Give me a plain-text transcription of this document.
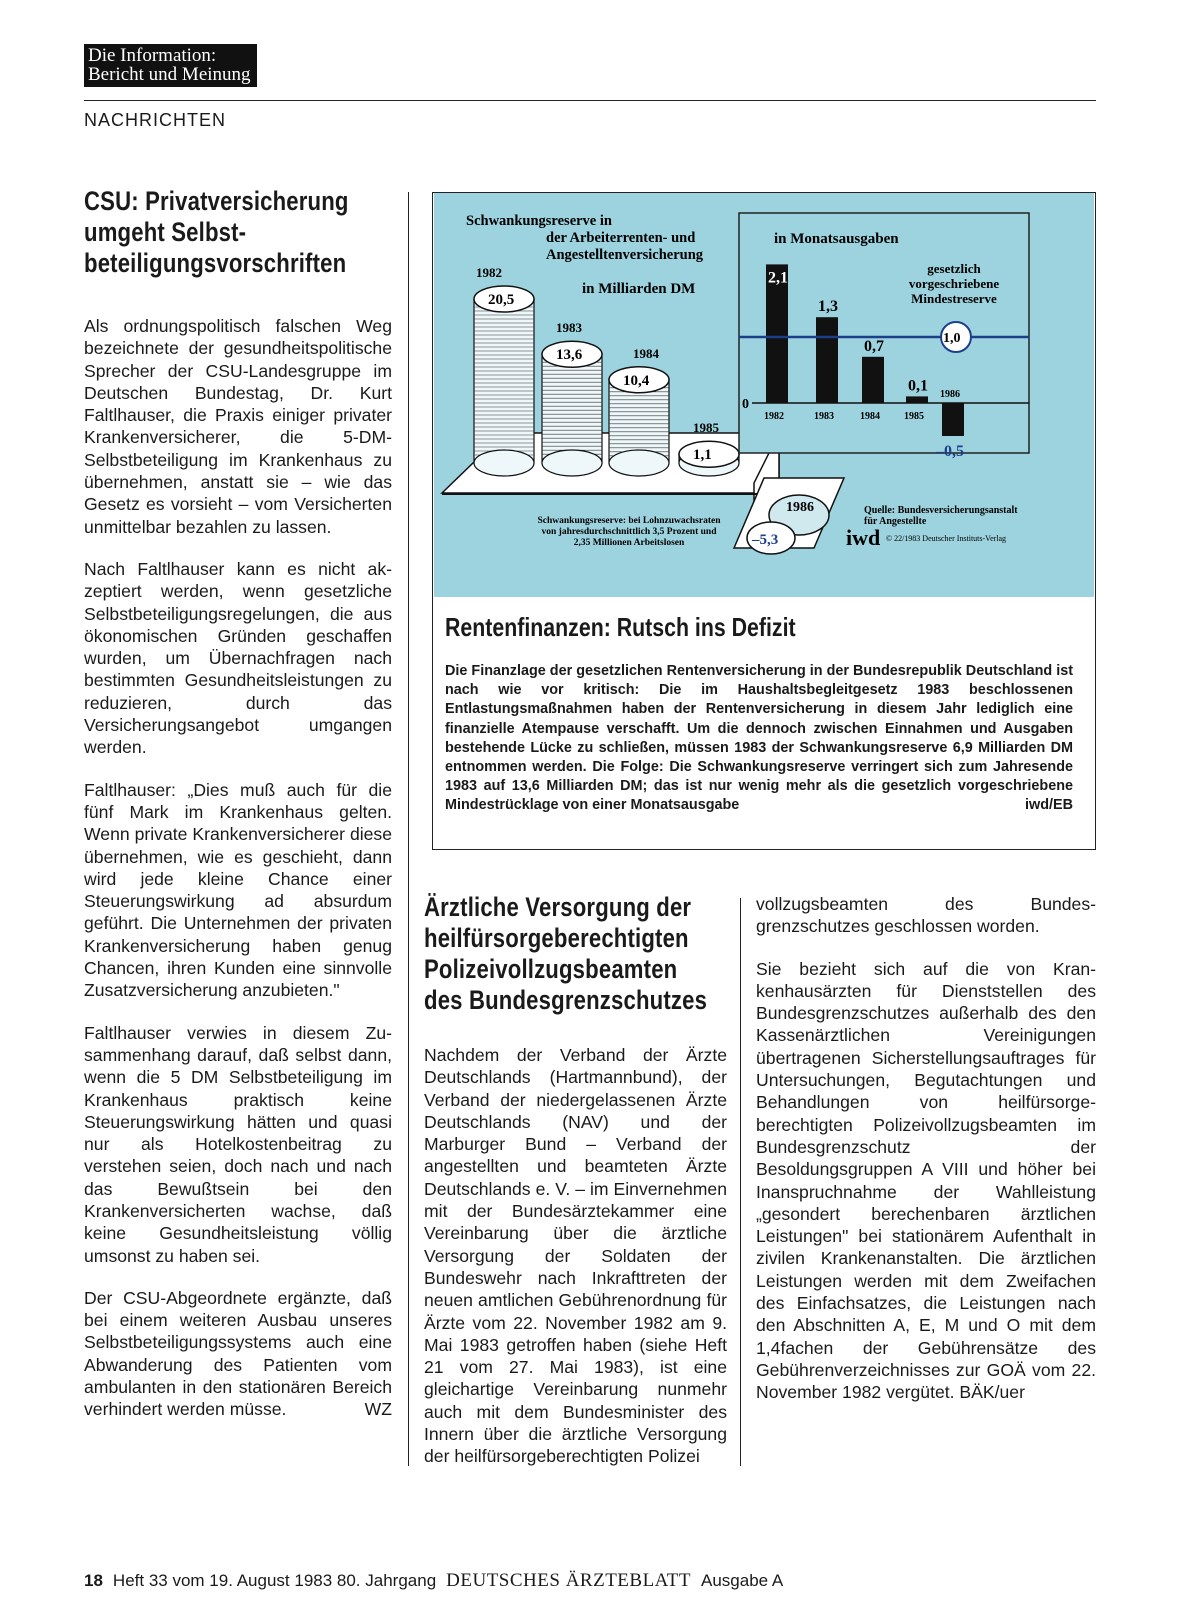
Die Information:
Bericht und Meinung
NACHRICHTEN
CSU: Privatversicherung
umgeht Selbst-
beteiligungsvorschriften

Als ordnungspolitisch falschen Weg bezeichnete der gesundheitspolitische Sprecher der CSU-Landesgruppe im Deutschen Bundestag, Dr. Kurt Faltlhauser, die Praxis einiger privater Krankenversicherer, die 5-DM-Selbstbeteiligung im Krankenhaus zu übernehmen, anstatt sie – wie das Gesetz es vorsieht – vom Versicherten unmittelbar bezahlen zu lassen.

Nach Faltlhauser kann es nicht akzeptiert werden, wenn gesetzliche Selbstbeteiligungsregelungen, die aus ökonomischen Gründen geschaffen wurden, um Übernachfragen nach bestimmten Gesundheitsleistungen zu reduzieren, durch das Versicherungsangebot umgangen werden.

Faltlhauser: „Dies muß auch für die fünf Mark im Krankenhaus gelten. Wenn private Krankenversicherer diese übernehmen, wie es geschieht, dann wird jede kleine Chance einer Steuerungswirkung ad absurdum geführt. Die Unternehmen der privaten Krankenversicherung haben genug Chancen, ihren Kunden eine sinnvolle Zusatzversicherung anzubieten."

Faltlhauser verwies in diesem Zusammenhang darauf, daß selbst dann, wenn die 5 DM Selbstbeteiligung im Krankenhaus praktisch keine Steuerungswirkung hätten und quasi nur als Hotelkostenbeitrag zu verstehen seien, doch nach und nach das Bewußtsein bei den Krankenversicherten wachse, daß keine Gesundheitsleistung völlig umsonst zu haben sei.

Der CSU-Abgeordnete ergänzte, daß bei einem weiteren Ausbau unseres Selbstbeteiligungssystems auch eine Abwanderung des Patienten vom ambulanten in den stationären Bereich verhindert werden müsse.	WZ

1982
20,5
1983
13,6	1984
10,4
1985
1,1
Schwankungsreserve in
der Arbeiterrenten- und
Angestelltenversicherung
in Milliarden DM
Schwankungsreserve: bei Lohnzuwachsraten
von jahresdurchschnittlich 3,5 Prozent und
2,35 Millionen Arbeitslosen
in Monatsausgaben
0
1982
2,1
1983
1,3
1984
0,7
1985
0,1
1986
–0,5
1,0
gesetzlich
vorgeschriebene
Mindestreserve
1986
–5,3
Quelle: Bundesversicherungsanstalt
für Angestellte
iwd © 22/1983 Deutscher Instituts-Verlag
Rentenfinanzen: Rutsch ins Defizit
Die Finanzlage der gesetzlichen Rentenversicherung in der Bundesrepublik Deutschland ist nach wie vor kritisch: Die im Haushaltsbegleitgesetz 1983 beschlossenen Entlastungsmaßnahmen haben der Rentenversicherung in diesem Jahr lediglich eine finanzielle Atempause verschafft. Um die dennoch zwischen Einnahmen und Ausgaben bestehende Lücke zu schließen, müssen 1983 der Schwankungsreserve 6,9 Milliarden DM entnommen werden. Die Folge: Die Schwankungsreserve verringert sich zum Jahresende 1983 auf 13,6 Milliarden DM; das ist nur wenig mehr als die gesetzlich vorgeschriebene Mindestrücklage von einer Monatsausgabe	iwd/EB
Ärztliche Versorgung der
heilfürsorgeberechtigten
Polizeivollzugsbeamten
des Bundesgrenzschutzes

Nachdem der Verband der Ärzte Deutschlands (Hartmannbund), der Verband der niedergelassenen Ärzte Deutschlands (NAV) und der Marburger Bund – Verband der angestellten und beamteten Ärzte Deutschlands e. V. – im Einvernehmen mit der Bundesärztekammer eine Vereinbarung über die ärztliche Versorgung der Soldaten der Bundeswehr nach Inkrafttreten der neuen amtlichen Gebührenordnung für Ärzte vom 22. November 1982 am 9. Mai 1983 getroffen haben (siehe Heft 21 vom 27. Mai 1983), ist eine gleichartige Vereinbarung nunmehr auch mit dem Bundesminister des Innern über die ärztliche Versorgung der heilfürsorgeberechtigten Polizei

vollzugsbeamten des Bundesgrenzschutzes geschlossen worden.

Sie bezieht sich auf die von Krankenhausärzten für Dienststellen des Bundesgrenzschutzes außerhalb des den Kassenärztlichen Vereinigungen übertragenen Sicherstellungsauftrages für Untersuchungen, Begutachtungen und Behandlungen von heilfürsorgeberechtigten Polizeivollzugsbeamten im Bundesgrenzschutz der Besoldungsgruppen A VIII und höher bei Inanspruchnahme der Wahlleistung „gesondert berechenbaren ärztlichen Leistungen" bei stationärem Aufenthalt in zivilen Krankenanstalten. Die ärztlichen Leistungen werden mit dem Zweifachen des Einfachsatzes, die Leistungen nach den Abschnitten A, E, M und O mit dem 1,4fachen der Gebührensätze des Gebührenverzeichnisses zur GOÄ vom 22. November 1982 vergütet. BÄK/uer

18 Heft 33 vom 19. August 1983 80. Jahrgang DEUTSCHES ÄRZTEBLATT Ausgabe A
